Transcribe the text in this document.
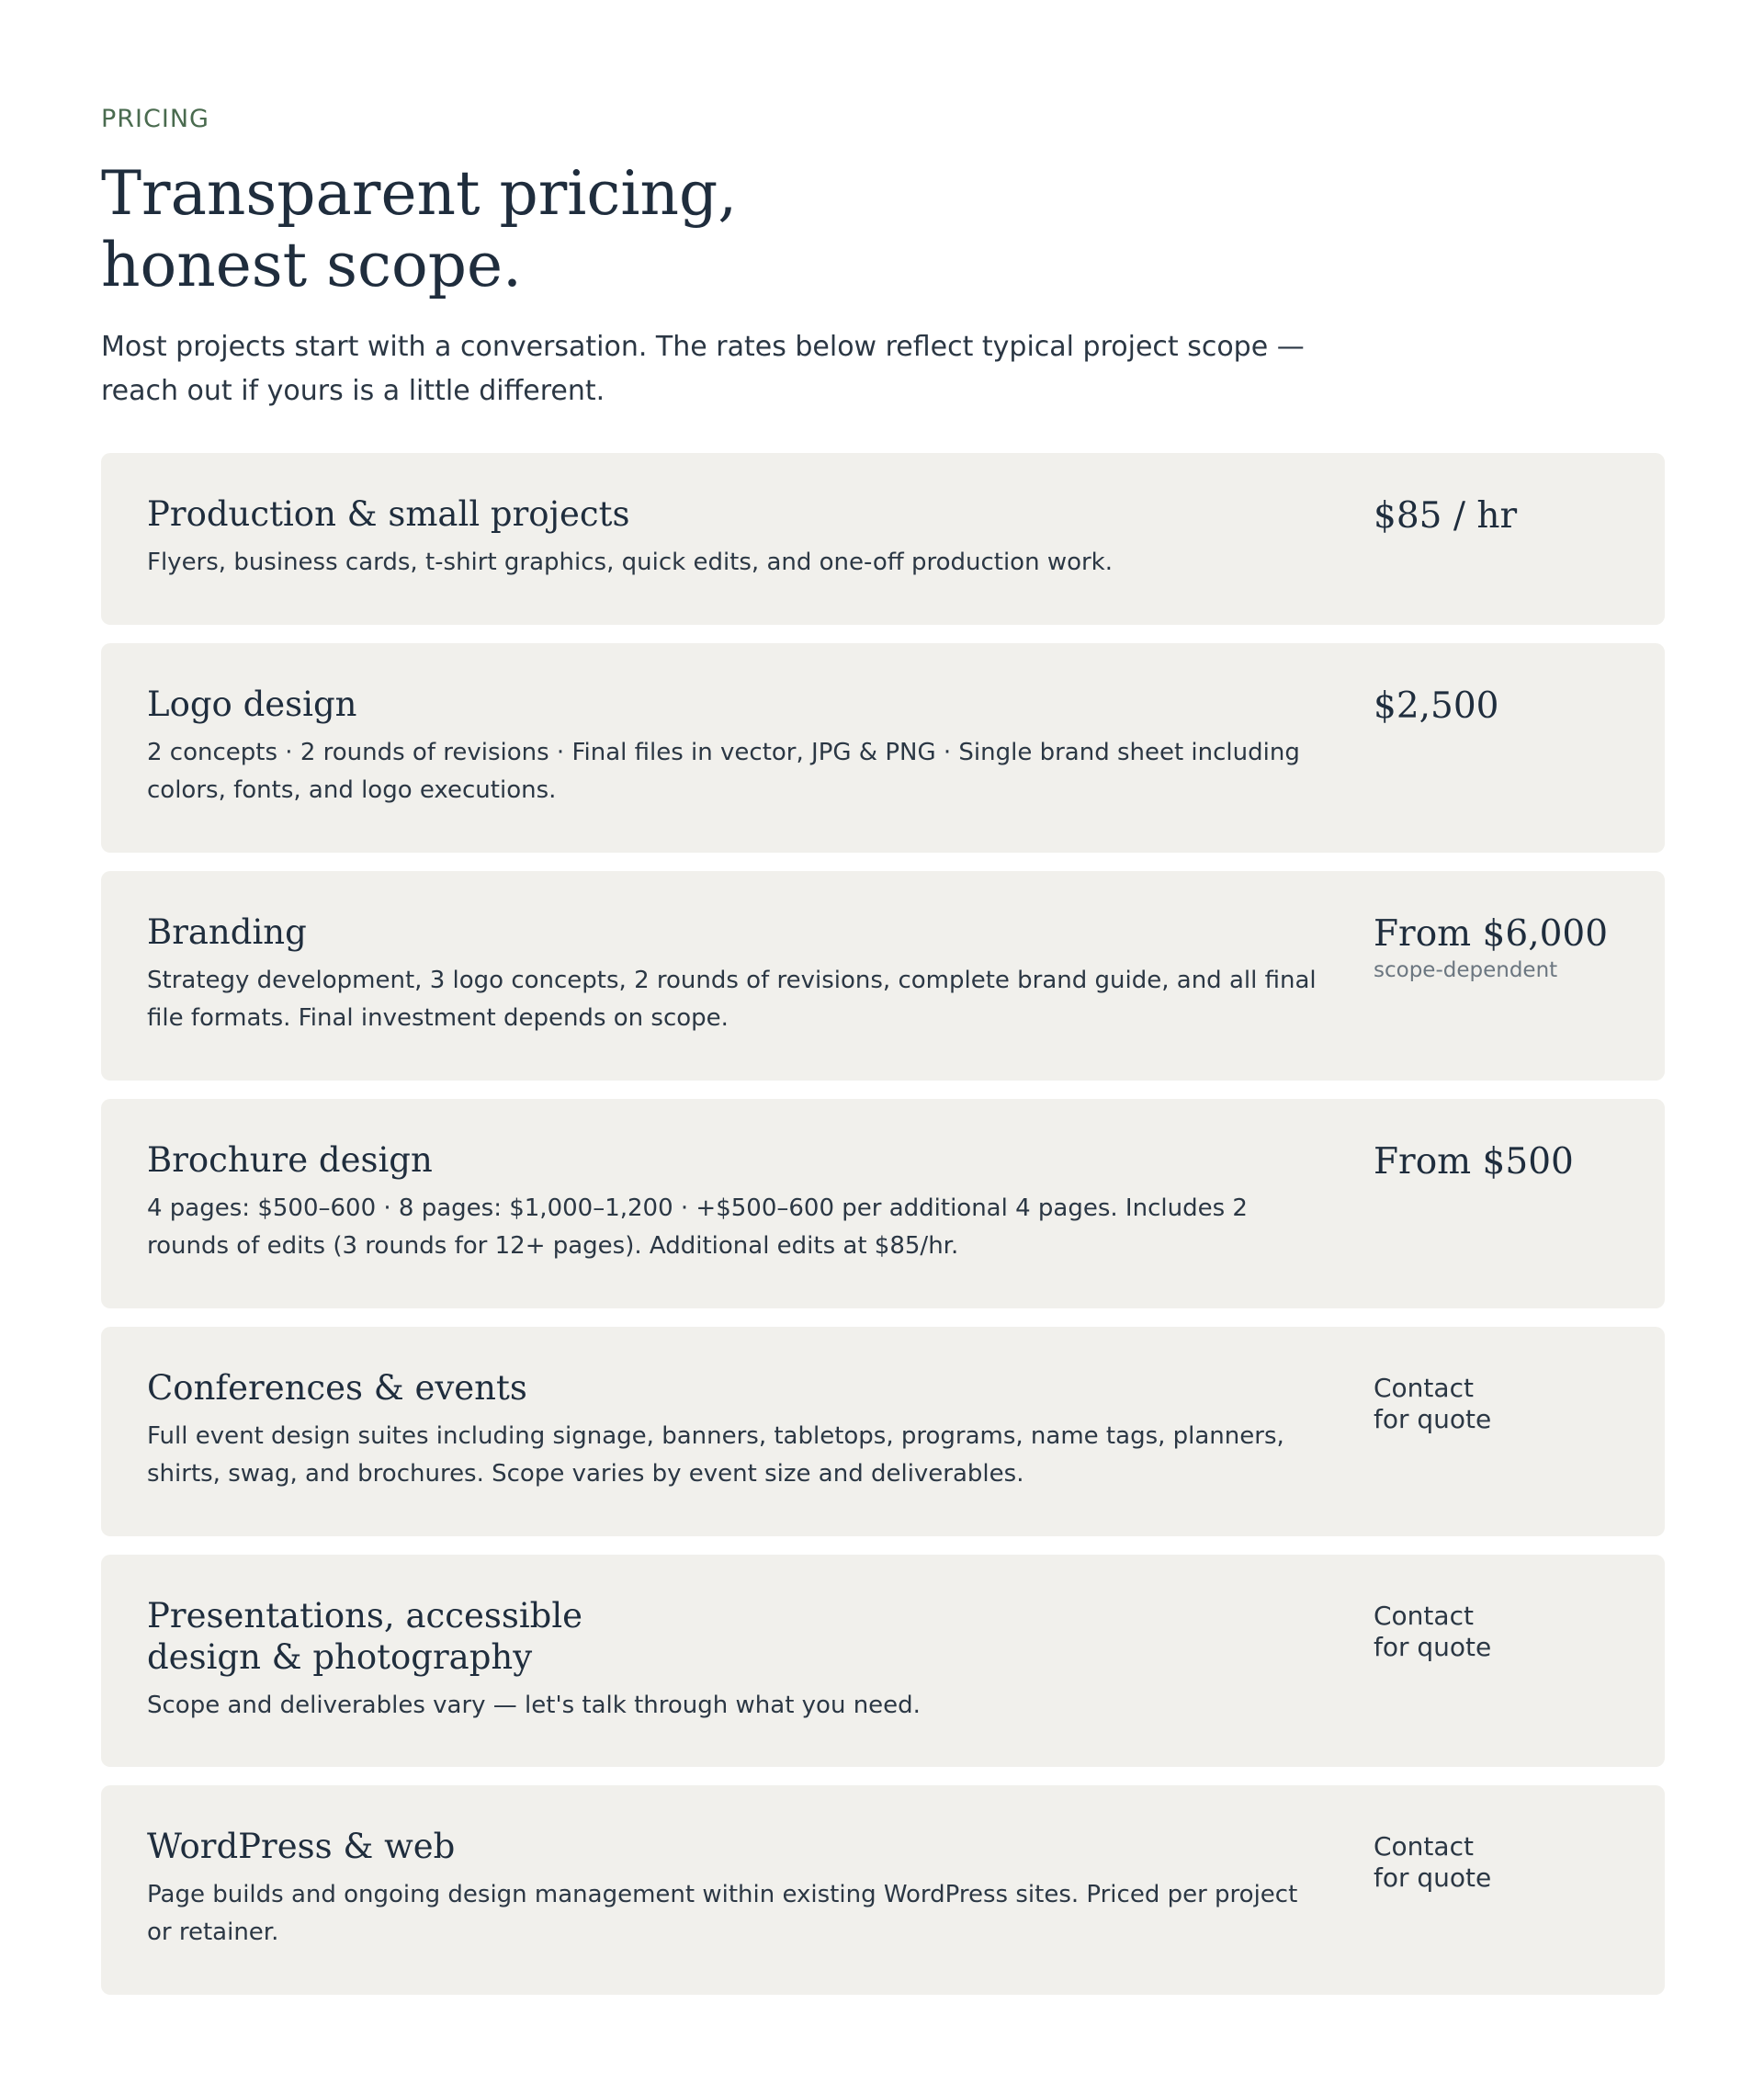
PRICING
Transparent pricing,
honest scope.

Most projects start with a conversation. The rates below reflect typical project scope — reach out if yours is a little different.

Production & small projects

Flyers, business cards, t-shirt graphics, quick edits, and one-off production work.

$85 / hr
Logo design

2 concepts · 2 rounds of revisions · Final files in vector, JPG & PNG · Single brand sheet including colors, fonts, and logo executions.

$2,500
Branding

Strategy development, 3 logo concepts, 2 rounds of revisions, complete brand guide, and all final file formats. Final investment depends on scope.

From $6,000
scope-dependent
Brochure design

4 pages: $500–600 · 8 pages: $1,000–1,200 · +$500–600 per additional 4 pages. Includes 2 rounds of edits (3 rounds for 12+ pages). Additional edits at $85/hr.

From $500
Conferences & events

Full event design suites including signage, banners, tabletops, programs, name tags, planners, shirts, swag, and brochures. Scope varies by event size and deliverables.

Contact for quote
Presentations, accessible
design & photography

Scope and deliverables vary — let's talk through what you need.

Contact for quote
WordPress & web

Page builds and ongoing design management within existing WordPress sites. Priced per project or retainer.

Contact for quote
